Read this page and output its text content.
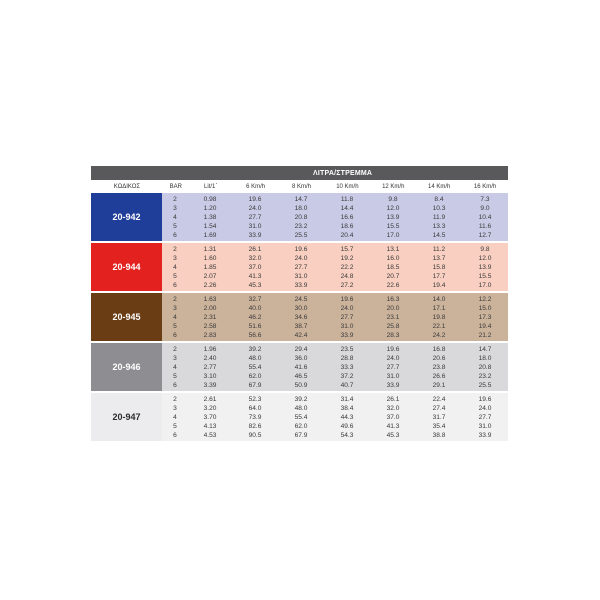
ΛΙΤΡΑ/ΣΤΡΕΜΜΑ
ΚΩΔΙΚΟΣ	BAR	Lit/1΄	6 Km/h	8 Km/h	10 Km/h	12 Km/h	14 Km/h	16 Km/h
20-942
2	0.98	19.6	14.7	11.8	9.8	8.4	7.3
3	1.20	24.0	18.0	14.4	12.0	10.3	9.0
4	1.38	27.7	20.8	16.6	13.9	11.9	10.4
5	1.54	31.0	23.2	18.6	15.5	13.3	11.6
6	1.69	33.9	25.5	20.4	17.0	14.5	12.7
20-944
2	1.31	26.1	19.6	15.7	13.1	11.2	9.8
3	1.60	32.0	24.0	19.2	16.0	13.7	12.0
4	1.85	37.0	27.7	22.2	18.5	15.8	13.9
5	2.07	41.3	31.0	24.8	20.7	17.7	15.5
6	2.26	45.3	33.9	27.2	22.6	19.4	17.0
20-945
2	1.63	32.7	24.5	19.6	16.3	14.0	12.2
3	2.00	40.0	30.0	24.0	20.0	17.1	15.0
4	2.31	46.2	34.6	27.7	23.1	19.8	17.3
5	2.58	51.6	38.7	31.0	25.8	22.1	19.4
6	2.83	56.6	42.4	33.9	28.3	24.2	21.2
20-946
2	1.96	39.2	29.4	23.5	19.6	16.8	14.7
3	2.40	48.0	36.0	28.8	24.0	20.6	18.0
4	2.77	55.4	41.6	33.3	27.7	23.8	20.8
5	3.10	62.0	46.5	37.2	31.0	26.6	23.2
6	3.39	67.9	50.9	40.7	33.9	29.1	25.5
20-947
2	2.61	52.3	39.2	31.4	26.1	22.4	19.6
3	3.20	64.0	48.0	38.4	32.0	27.4	24.0
4	3.70	73.9	55.4	44.3	37.0	31.7	27.7
5	4.13	82.6	62.0	49.6	41.3	35.4	31.0
6	4.53	90.5	67.9	54.3	45.3	38.8	33.9
